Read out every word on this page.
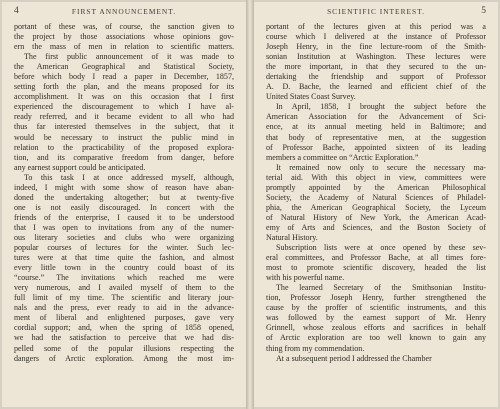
4	FIRST ANNOUNCEMENT.
portant of these was, of course, the sanction given to
the project by those associations whose opinions gov-
ern the mass of men in relation to scientific matters.
The first public announcement of it was made to
the American Geographical and Statistical Society,
before which body I read a paper in December, 1857,
setting forth the plan, and the means proposed for its
accomplishment. It was on this occasion that I first
experienced the discouragement to which I have al-
ready referred, and it became evident to all who had
thus far interested themselves in the subject, that it
would be necessary to instruct the public mind in
relation to the practicability of the proposed explora-
tion, and its comparative freedom from danger, before
any earnest support could be anticipated.
To this task I at once addressed myself, although,
indeed, I might with some show of reason have aban-
doned the undertaking altogether; but at twenty-five
one is not easily discouraged. In concert with the
friends of the enterprise, I caused it to be understood
that I was open to invitations from any of the numer-
ous literary societies and clubs who were organizing
popular courses of lectures for the winter. Such lec-
tures were at that time quite the fashion, and almost
every little town in the country could boast of its
“course.” The invitations which reached me were
very numerous, and I availed myself of them to the
full limit of my time. The scientific and literary jour-
nals and the press, ever ready to aid in the advance-
ment of liberal and enlightened purposes, gave very
cordial support; and, when the spring of 1858 opened,
we had the satisfaction to perceive that we had dis-
pelled some of the popular illusions respecting the
dangers of Arctic exploration. Among the most im-
SCIENTIFIC INTEREST.	5
portant of the lectures given at this period was a
course which I delivered at the instance of Professor
Joseph Henry, in the fine lecture-room of the Smith-
sonian Institution at Washington. These lectures were
the more important, in that they secured to the un-
dertaking the friendship and support of Professor
A. D. Bache, the learned and efficient chief of the
United States Coast Survey.
In April, 1858, I brought the subject before the
American Association for the Advancement of Sci-
ence, at its annual meeting held in Baltimore; and
that body of representative men, at the suggestion
of Professor Bache, appointed sixteen of its leading
members a committee on “Arctic Exploration.”
It remained now only to secure the necessary ma-
terial aid. With this object in view, committees were
promptly appointed by the American Philosophical
Society, the Academy of Natural Sciences of Philadel-
phia, the American Geographical Society, the Lyceum
of Natural History of New York, the American Acad-
emy of Arts and Sciences, and the Boston Society of
Natural History.
Subscription lists were at once opened by these sev-
eral committees, and Professor Bache, at all times fore-
most to promote scientific discovery, headed the list
with his powerful name.
The learned Secretary of the Smithsonian Institu-
tion, Professor Joseph Henry, further strengthened the
cause by the proffer of scientific instruments, and this
was followed by the earnest support of Mr. Henry
Grinnell, whose zealous efforts and sacrifices in behalf
of Arctic exploration are too well known to gain any
thing from my commendation.
At a subsequent period I addressed the Chamber
